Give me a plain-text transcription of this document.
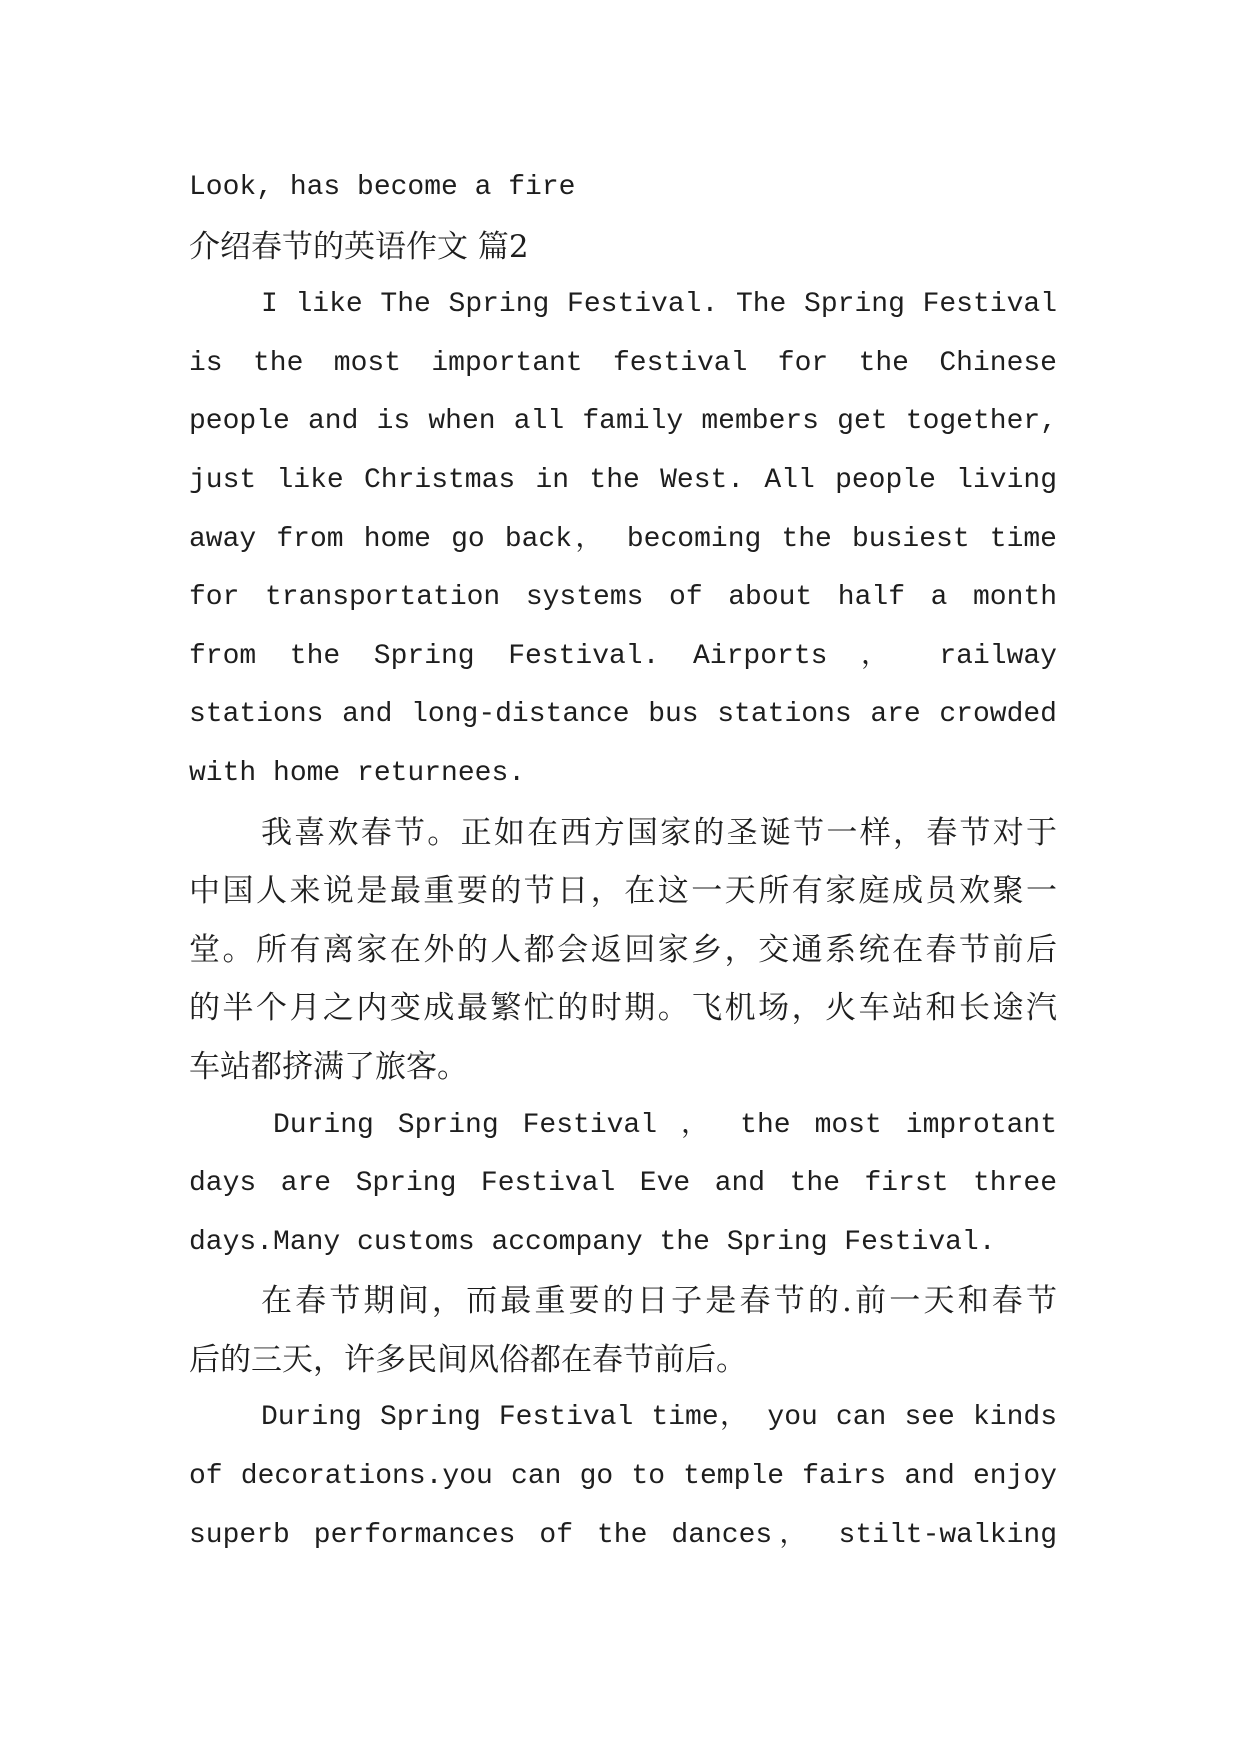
Look, has become a fire
介绍春节的英语作文 篇2
I like The Spring Festival. The Spring Festival
is the most important festival for the Chinese
people and is when all family members get together,
just like Christmas in the West. All people living
away from home go back， becoming the busiest time
for transportation systems of about half a month
from the Spring Festival. Airports ， railway
stations and long-distance bus stations are crowded
with home returnees.
我喜欢春节。正如在西方国家的圣诞节一样，春节对于
中国人来说是最重要的节日，在这一天所有家庭成员欢聚一
堂。所有离家在外的人都会返回家乡，交通系统在春节前后
的半个月之内变成最繁忙的时期。飞机场，火车站和长途汽
车站都挤满了旅客。
During Spring Festival ， the most improtant
days are Spring Festival Eve and the first three
days.Many customs accompany the Spring Festival.
在春节期间，而最重要的日子是春节的.前一天和春节
后的三天，许多民间风俗都在春节前后。
During Spring Festival time， you can see kinds
of decorations.you can go to temple fairs and enjoy
superb performances of the dances， stilt-walking
